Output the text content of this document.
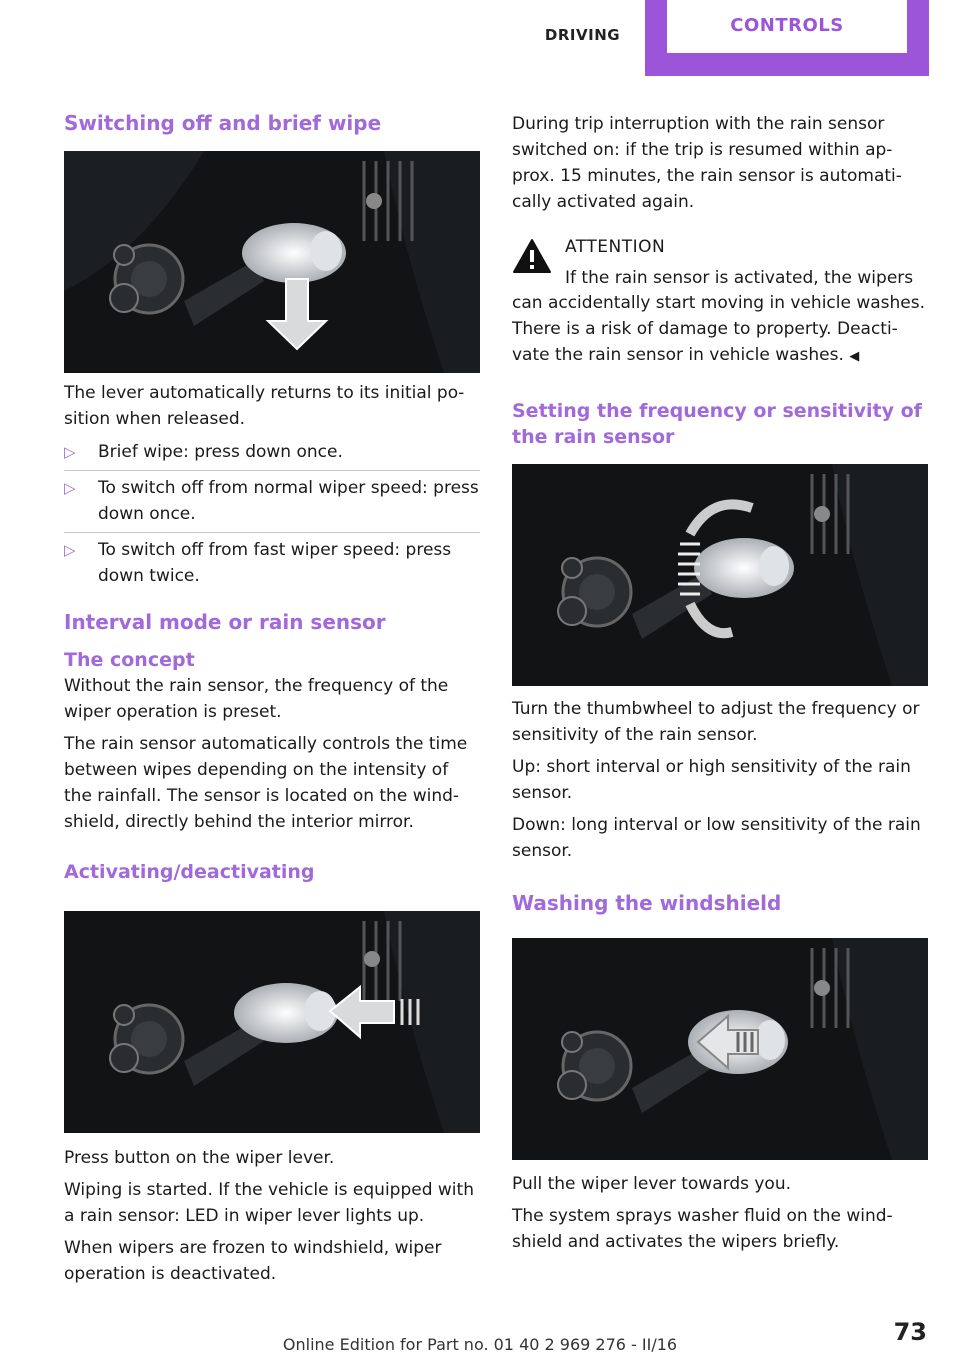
DRIVING	CONTROLS
Switching off and brief wipe

The lever automatically returns to its initial po‐ sition when released.

▷ Brief wipe: press down once.
▷ To switch off from normal wiper speed: press down once.
▷ To switch off from fast wiper speed: press down twice.
Interval mode or rain sensor
The concept

Without the rain sensor, the frequency of the wiper operation is preset.

The rain sensor automatically controls the time between wipes depending on the intensity of the rainfall. The sensor is located on the wind‐ shield, directly behind the interior mirror.

Activating/deactivating

Press button on the wiper lever.

Wiping is started. If the vehicle is equipped with a rain sensor: LED in wiper lever lights up.

When wipers are frozen to windshield, wiper operation is deactivated.

During trip interruption with the rain sensor switched on: if the trip is resumed within ap‐ prox. 15 minutes, the rain sensor is automati‐ cally activated again.

ATTENTION

If the rain sensor is activated, the wipers

can accidentally start moving in vehicle washes. There is a risk of damage to property. Deacti‐ vate the rain sensor in vehicle washes. ◀

Setting the frequency or sensitivity of the rain sensor

Turn the thumbwheel to adjust the frequency or sensitivity of the rain sensor.

Up: short interval or high sensitivity of the rain sensor.

Down: long interval or low sensitivity of the rain sensor.

Washing the windshield

Pull the wiper lever towards you.

The system sprays washer fluid on the wind‐ shield and activates the wipers briefly.

73
Online Edition for Part no. 01 40 2 969 276 - II/16
